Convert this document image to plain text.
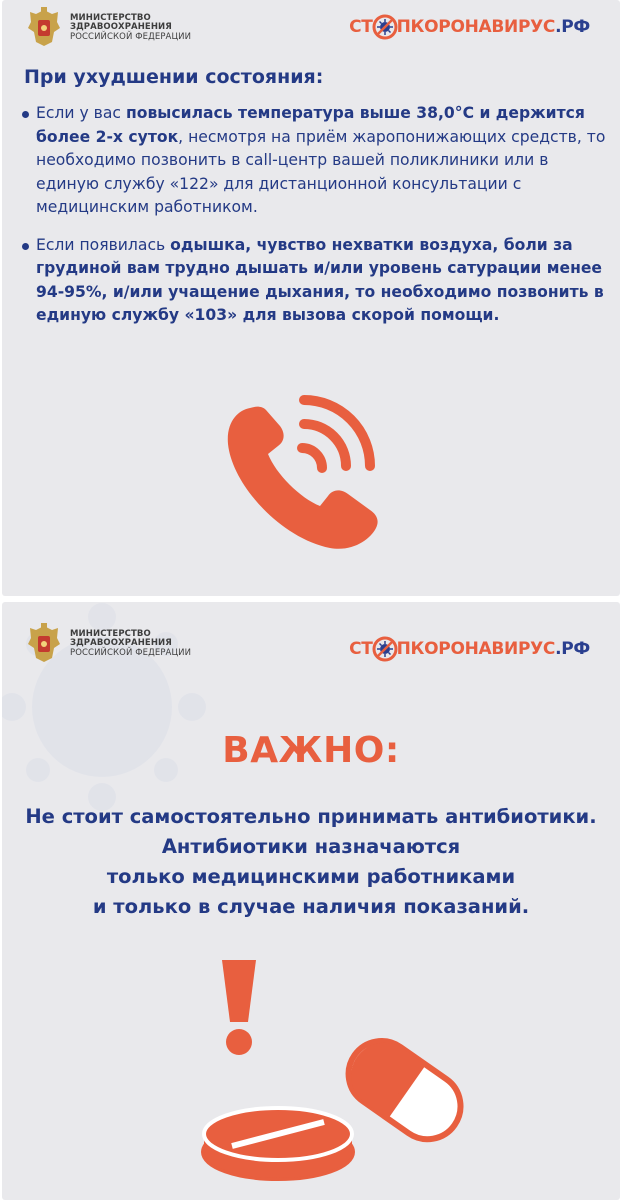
МИНИСТЕРСТВО
ЗДРАВООХРАНЕНИЯ
РОССИЙСКОЙ ФЕДЕРАЦИИ	СТ ПКОРОНАВИРУС .РФ
При ухудшении состояния:
Если у вас повысилась температура выше 38,0°С и держится более 2-х суток, несмотря на приём жаропонижающих средств, то необходимо позвонить в call-центр вашей поликлиники или в единую службу «122» для дистанционной консультации с медицинским работником.
Если появилась одышка, чувство нехватки воздуха, боли за грудиной вам трудно дышать и/или уровень сатурации менее 94-95%, и/или учащение дыхания, то необходимо позвонить в единую службу «103» для вызова скорой помощи.
МИНИСТЕРСТВО
ЗДРАВООХРАНЕНИЯ
РОССИЙСКОЙ ФЕДЕРАЦИИ	СТ ПКОРОНАВИРУС .РФ
ВАЖНО:
Не стоит самостоятельно принимать антибиотики.
Антибиотики назначаются
только медицинскими работниками
и только в случае наличия показаний.
